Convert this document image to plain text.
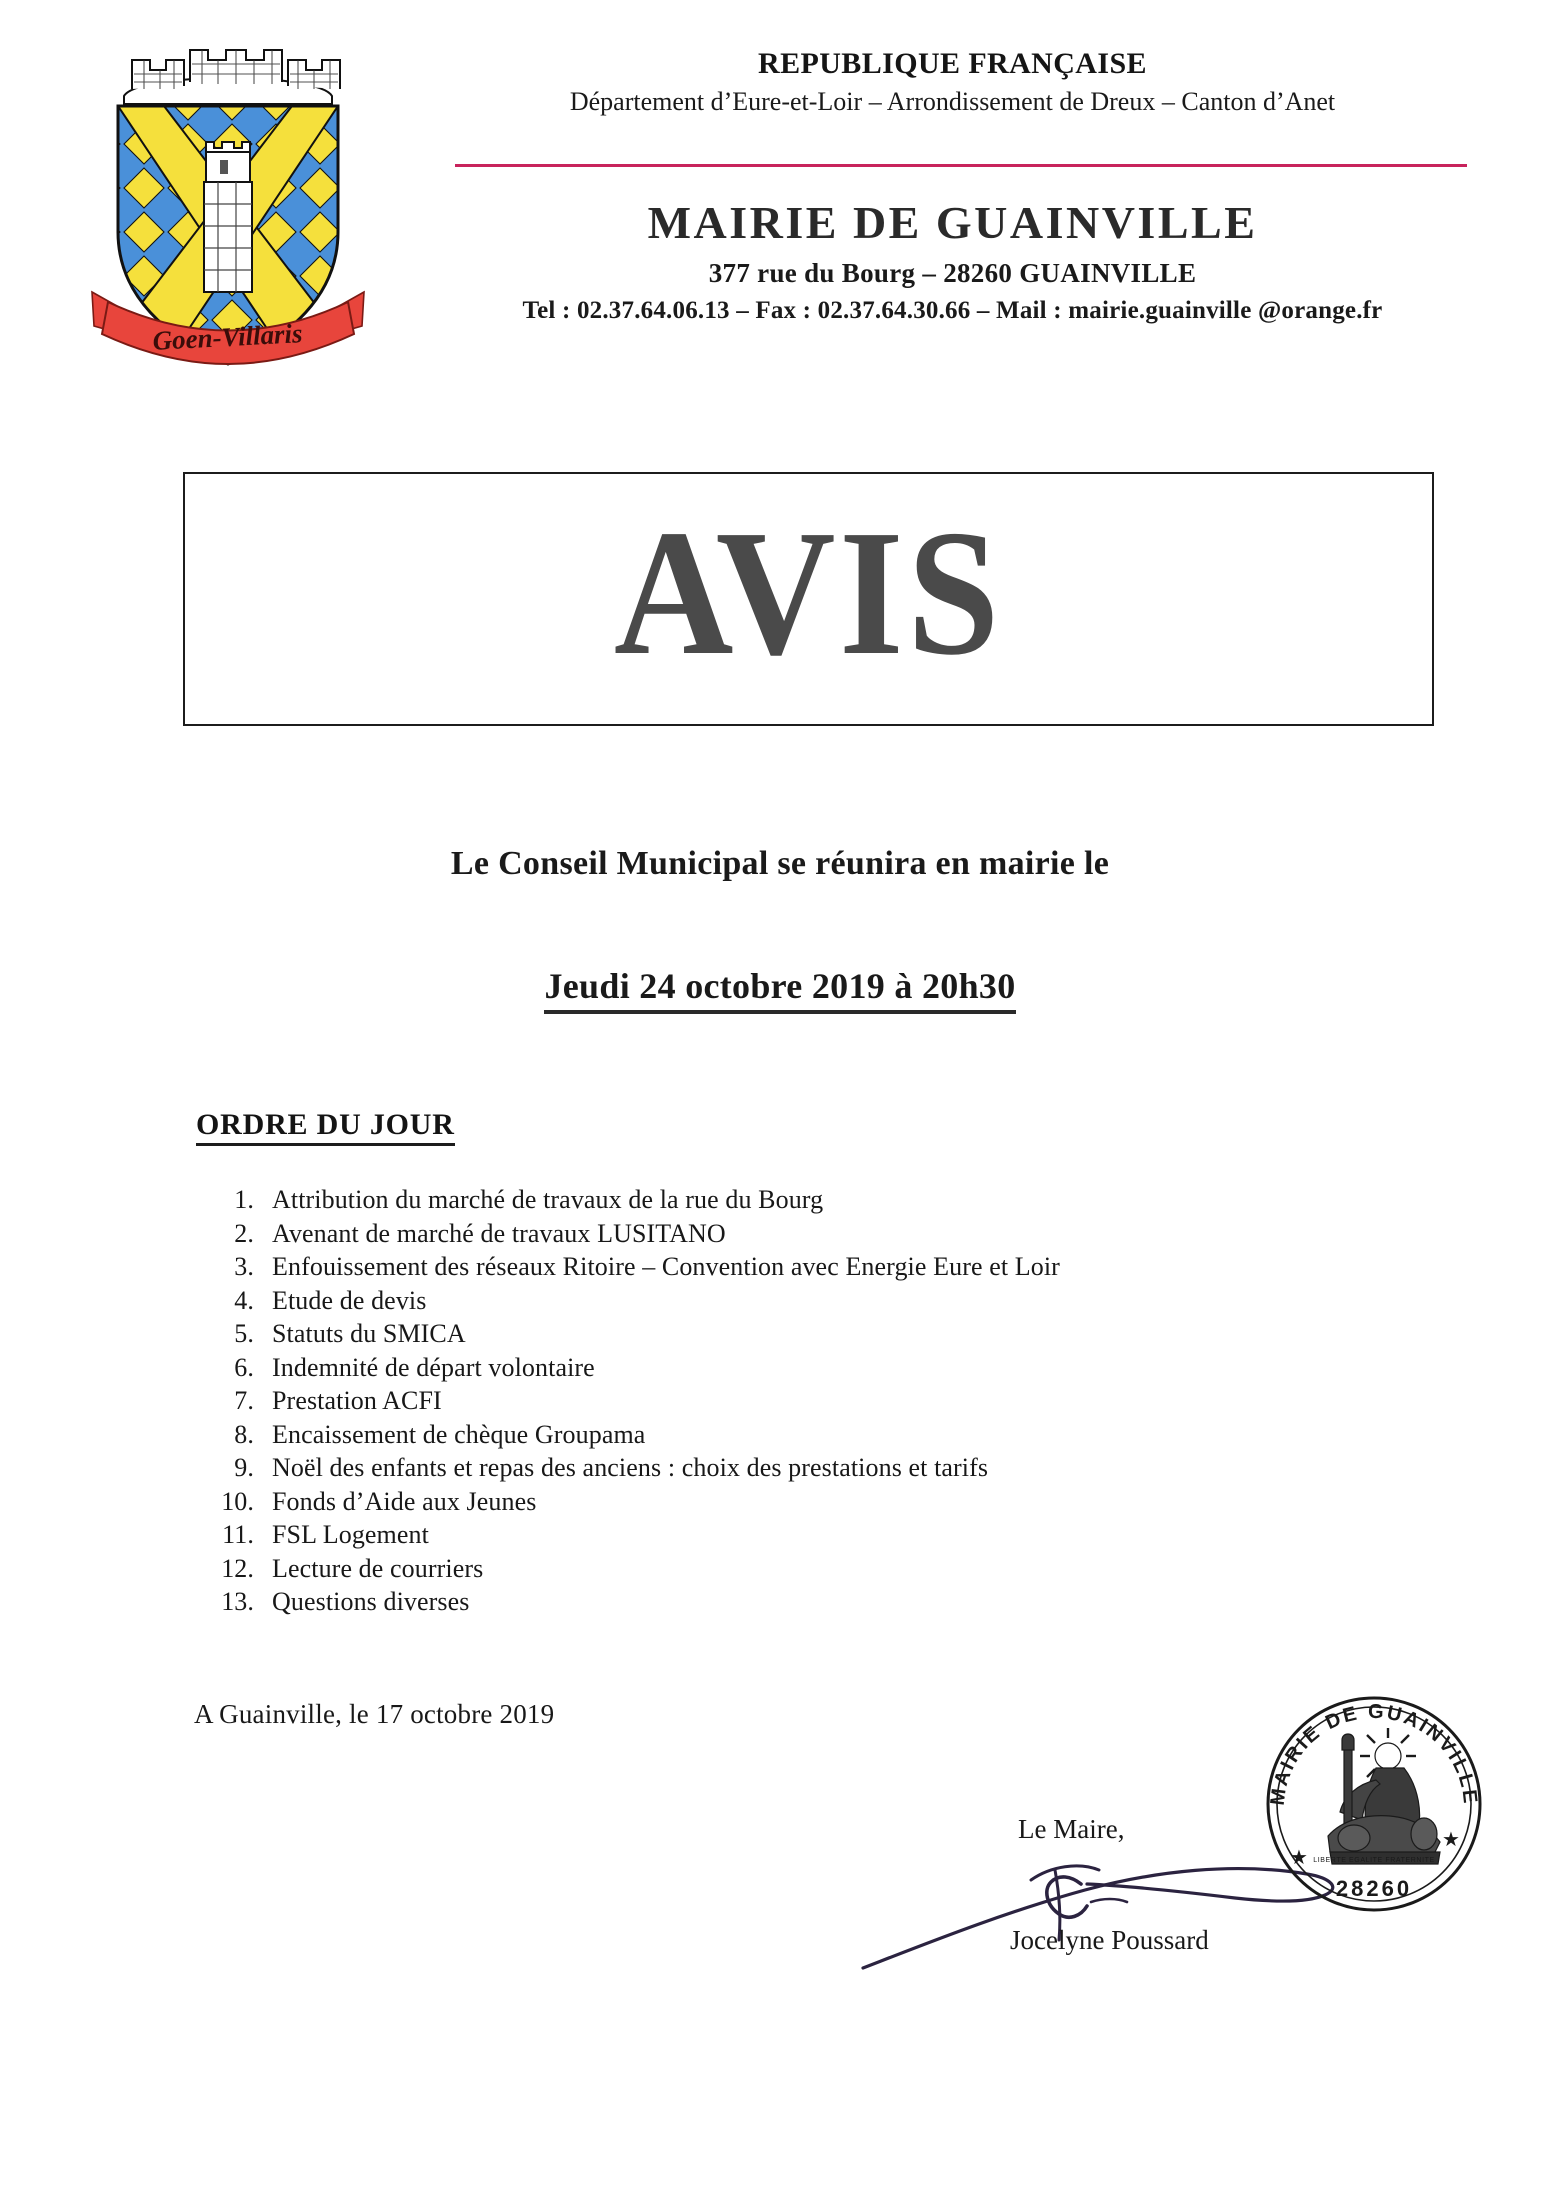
Goen-Villaris
REPUBLIQUE FRANÇAISE
Département d’Eure-et-Loir – Arrondissement de Dreux – Canton d’Anet
MAIRIE DE GUAINVILLE
377 rue du Bourg – 28260 GUAINVILLE
Tel : 02.37.64.06.13 – Fax : 02.37.64.30.66 – Mail : mairie.guainville @orange.fr
AVIS
Le Conseil Municipal se réunira en mairie le
Jeudi 24 octobre 2019 à 20h30
ORDRE DU JOUR
1. Attribution du marché de travaux de la rue du Bourg
2. Avenant de marché de travaux LUSITANO
3. Enfouissement des réseaux Ritoire – Convention avec Energie Eure et Loir
4. Etude de devis
5. Statuts du SMICA
6. Indemnité de départ volontaire
7. Prestation ACFI
8. Encaissement de chèque Groupama
9. Noël des enfants et repas des anciens : choix des prestations et tarifs
10. Fonds d’Aide aux Jeunes
11. FSL Logement
12. Lecture de courriers
13. Questions diverses
A Guainville, le 17 octobre 2019
Le Maire,
Jocelyne Poussard
MAIRIE DE GUAINVILLE
28260
★
★
LIBERTE EGALITE FRATERNITE
